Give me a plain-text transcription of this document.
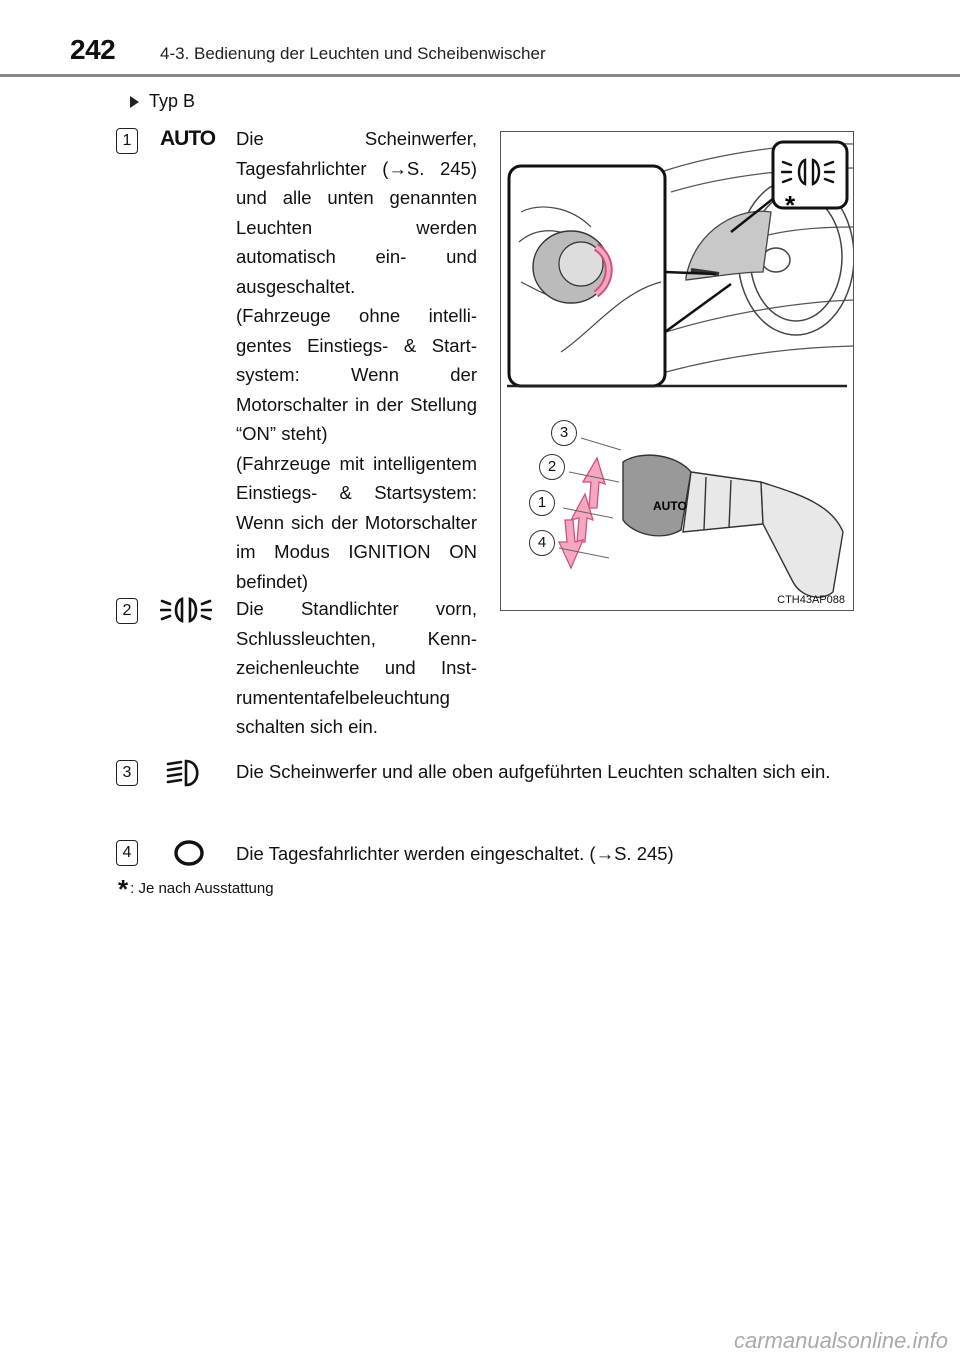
242	4-3. Bedienung der Leuchten und Scheibenwischer
Typ B
1	AUTO Die Scheinwerfer, Tagesfahrlichter (→S. 245) und alle unten genannten Leuchten werden automatisch ein- und ausgeschaltet.

(Fahrzeuge ohne intelligentes Einstiegs- & Startsystem: Wenn der Motorschalter in der Stellung “ON” steht)

(Fahrzeuge mit intelligentem Einstiegs- & Startsystem: Wenn sich der Motorschalter im Modus IGNITION ON befindet)

2	Die Standlichter vorn, Schlussleuchten, Kennzeichenleuchte und Instrumententafelbeleuchtung schalten sich ein.

3	Die Scheinwerfer und alle oben aufgeführten Leuchten schalten sich ein.

4	Die Tagesfahrlichter werden eingeschaltet. (→S. 245)

* : Je nach Ausstattung
*
AUTO
3
2
1
4
CTH43AP088
carmanualsonline.info
